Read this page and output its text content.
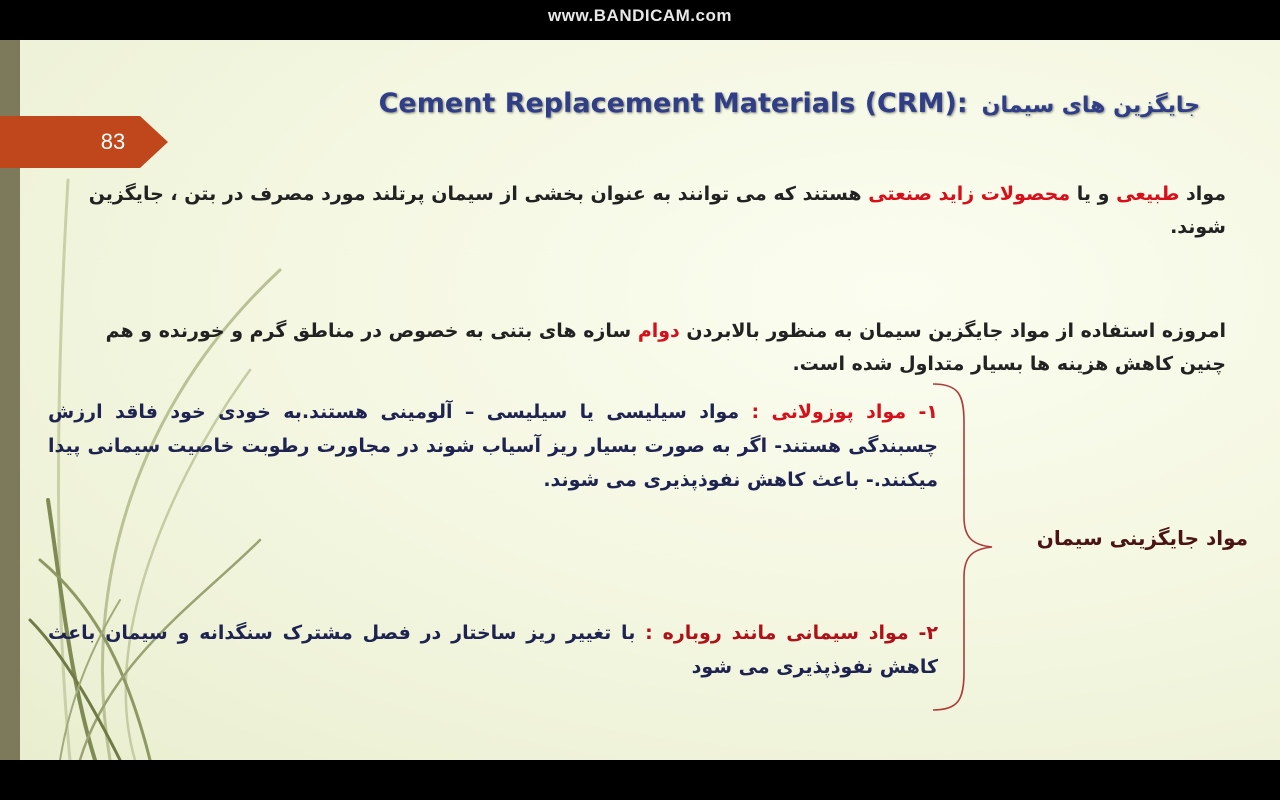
www.BANDICAM.com
Cement Replacement Materials (CRM): جایگزین های سیمان
83
مواد طبیعی و یا محصولات زاید صنعتی هستند که می توانند به عنوان بخشی از سیمان پرتلند مورد مصرف در بتن ، جایگزین شوند.
امروزه استفاده از مواد جایگزین سیمان به منظور بالابردن دوام سازه های بتنی به خصوص در مناطق گرم و خورنده و هم چنین کاهش هزینه ها بسیار متداول شده است.
۱- مواد پوزولانی : مواد سیلیسی یا سیلیسی – آلومینی هستند.به خودی خود فاقد ارزش چسبندگی هستند- اگر به صورت بسیار ریز آسیاب شوند در مجاورت رطوبت خاصیت سیمانی پیدا میکنند.- باعث کاهش نفوذپذیری می شوند.
۲- مواد سیمانی مانند روباره : با تغییر ریز ساختار در فصل مشترک سنگدانه و سیمان باعث کاهش نفوذپذیری می شود
مواد جایگزینی سیمان
